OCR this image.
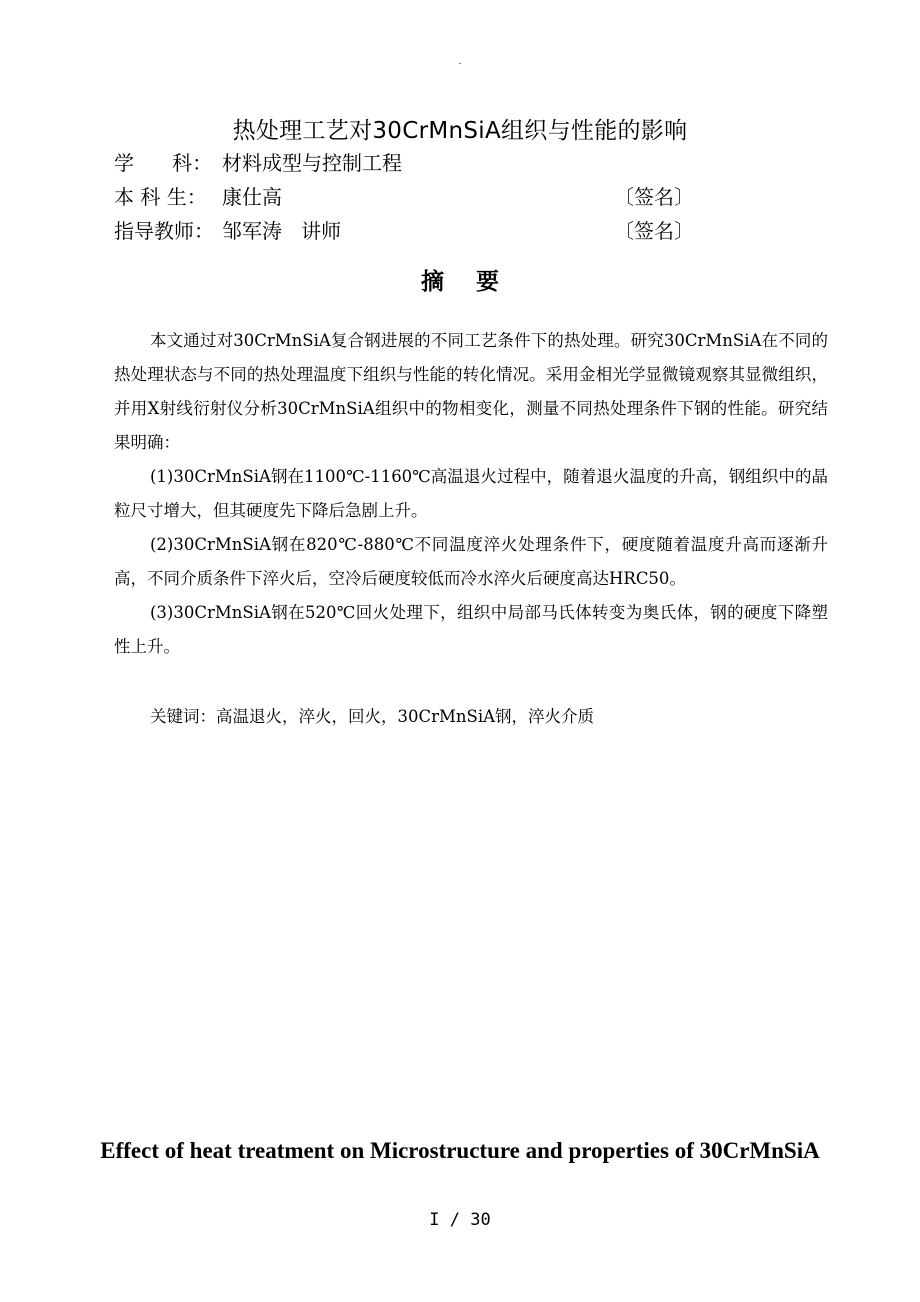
-
热处理工艺对30CrMnSiA组织与性能的影响
学      科： 材料成型与控制工程
本 科 生： 康仕高	〔签名〕
指导教师： 邹军涛   讲师	〔签名〕
摘 要

本文通过对30CrMnSiA复合钢进展的不同工艺条件下的热处理。研究30CrMnSiA在不同的热处理状态与不同的热处理温度下组织与性能的转化情况。采用金相光学显微镜观察其显微组织，并用X射线衍射仪分析30CrMnSiA组织中的物相变化，测量不同热处理条件下钢的性能。研究结果明确：

(1)30CrMnSiA钢在1100℃-1160℃高温退火过程中，随着退火温度的升高，钢组织中的晶粒尺寸增大，但其硬度先下降后急剧上升。

(2)30CrMnSiA钢在820℃-880℃不同温度淬火处理条件下，硬度随着温度升高而逐渐升高，不同介质条件下淬火后，空冷后硬度较低而冷水淬火后硬度高达HRC50。

(3)30CrMnSiA钢在520℃回火处理下，组织中局部马氏体转变为奥氏体，钢的硬度下降塑性上升。

关键词：高温退火，淬火，回火，30CrMnSiA钢，淬火介质
Effect of heat treatment on Microstructure and properties of 30CrMnSiA
I / 30
